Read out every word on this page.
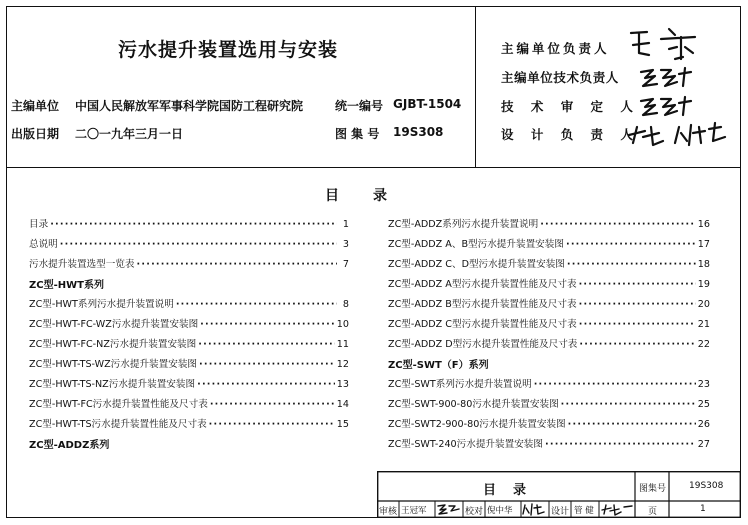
污水提升装置选用与安装
主编单位 中国人民解放军军事科学院国防工程研究院
出版日期 二〇一九年三月一日
统一编号 GJBT-1504
图 集 号 19S308
主编单位负责人
主编单位技术负责人
技 术 审 定 人
设 计 负 责 人
目　　录
目录 ·····	1
总说明 ·····	3
污水提升装置选型一览表 ·····	7
ZC型-HWT系列
ZC型-HWT系列污水提升装置说明 ·····	8
ZC型-HWT-FC-WZ污水提升装置安装图 ·····	10
ZC型-HWT-FC-NZ污水提升装置安装图 ·····	11
ZC型-HWT-TS-WZ污水提升装置安装图 ·····	12
ZC型-HWT-TS-NZ污水提升装置安装图 ·····	13
ZC型-HWT-FC污水提升装置性能及尺寸表 ·····	14
ZC型-HWT-TS污水提升装置性能及尺寸表 ·····	15
ZC型-ADDZ系列
ZC型-ADDZ系列污水提升装置说明 ·····	16
ZC型-ADDZ A、B型污水提升装置安装图 ·····	17
ZC型-ADDZ C、D型污水提升装置安装图 ·····	18
ZC型-ADDZ A型污水提升装置性能及尺寸表 ·····	19
ZC型-ADDZ B型污水提升装置性能及尺寸表 ·····	20
ZC型-ADDZ C型污水提升装置性能及尺寸表 ·····	21
ZC型-ADDZ D型污水提升装置性能及尺寸表 ·····	22
ZC型-SWT（F）系列
ZC型-SWT系列污水提升装置说明 ·····	23
ZC型-SWT-900-80污水提升装置安装图 ·····	25
ZC型-SWT2-900-80污水提升装置安装图 ·····	26
ZC型-SWT-240污水提升装置安装图 ·····	27
目　录	图集号	19S308
页	1
审核 王冠军	校对 倪中华	设计 管 健
